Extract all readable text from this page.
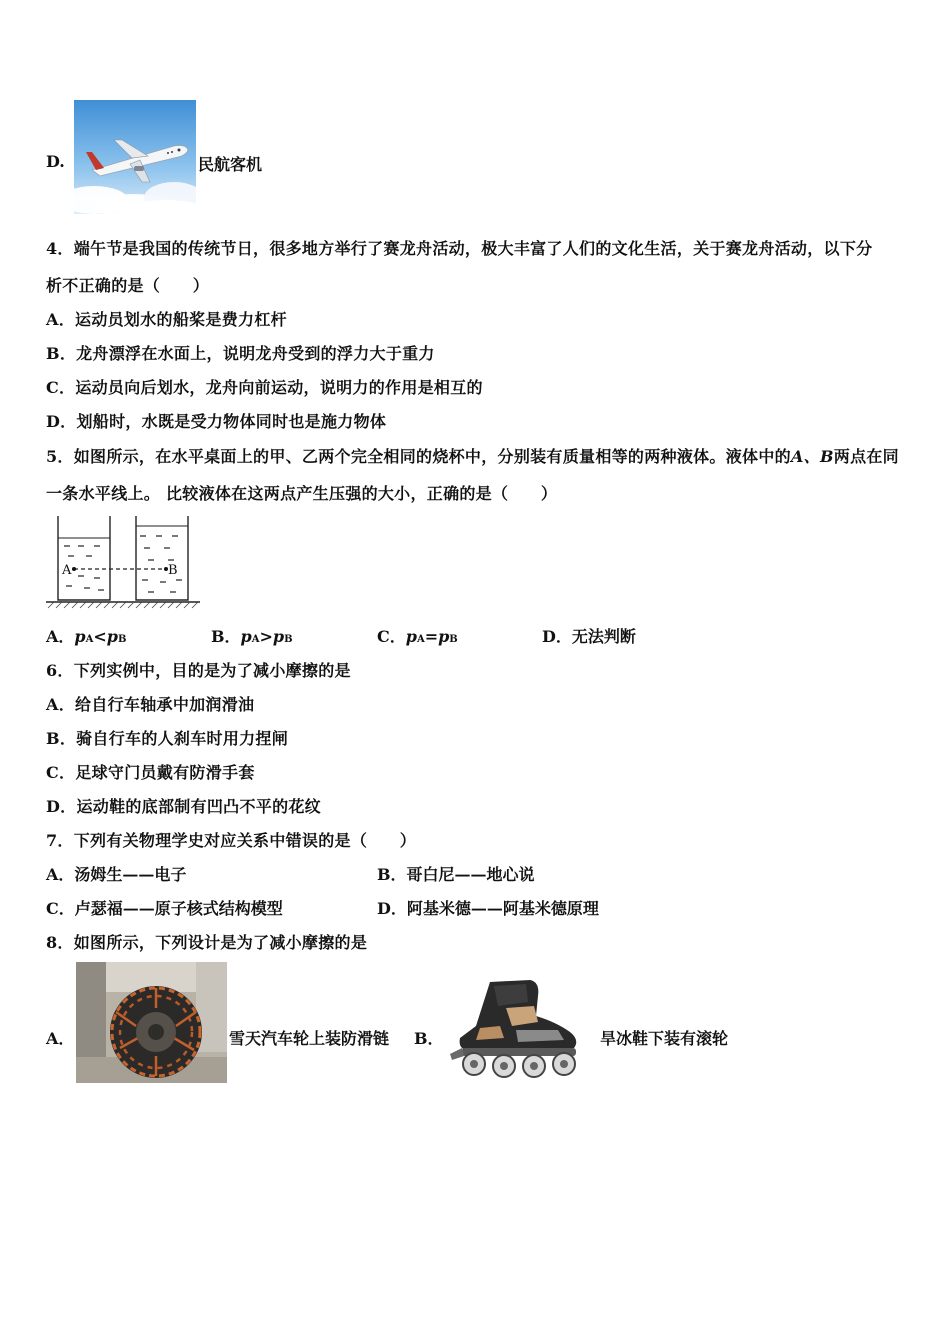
D.	民航客机
4．端午节是我国的传统节日，很多地方举行了赛龙舟活动，极大丰富了人们的文化生活，关于赛龙舟活动，以下分
析不正确的是（　　）
A．运动员划水的船桨是费力杠杆
B．龙舟漂浮在水面上，说明龙舟受到的浮力大于重力
C．运动员向后划水，龙舟向前运动，说明力的作用是相互的
D．划船时，水既是受力物体同时也是施力物体
5．如图所示，在水平桌面上的甲、乙两个完全相同的烧杯中，分别装有质量相等的两种液体。液体中的A、B两点在同
一条水平线上。 比较液体在这两点产生压强的大小，正确的是（　　）
A	B
A．pA<pB	B．pA>pB	C．pA=pB	D．无法判断
6．下列实例中，目的是为了减小摩擦的是
A．给自行车轴承中加润滑油
B．骑自行车的人刹车时用力捏闸
C．足球守门员戴有防滑手套
D．运动鞋的底部制有凹凸不平的花纹
7．下列有关物理学史对应关系中错误的是（　　）
A．汤姆生——电子	B．哥白尼——地心说
C．卢瑟福——原子核式结构模型	D．阿基米德——阿基米德原理
8．如图所示，下列设计是为了减小摩擦的是
A．	雪天汽车轮上装防滑链 B．	旱冰鞋下装有滚轮
